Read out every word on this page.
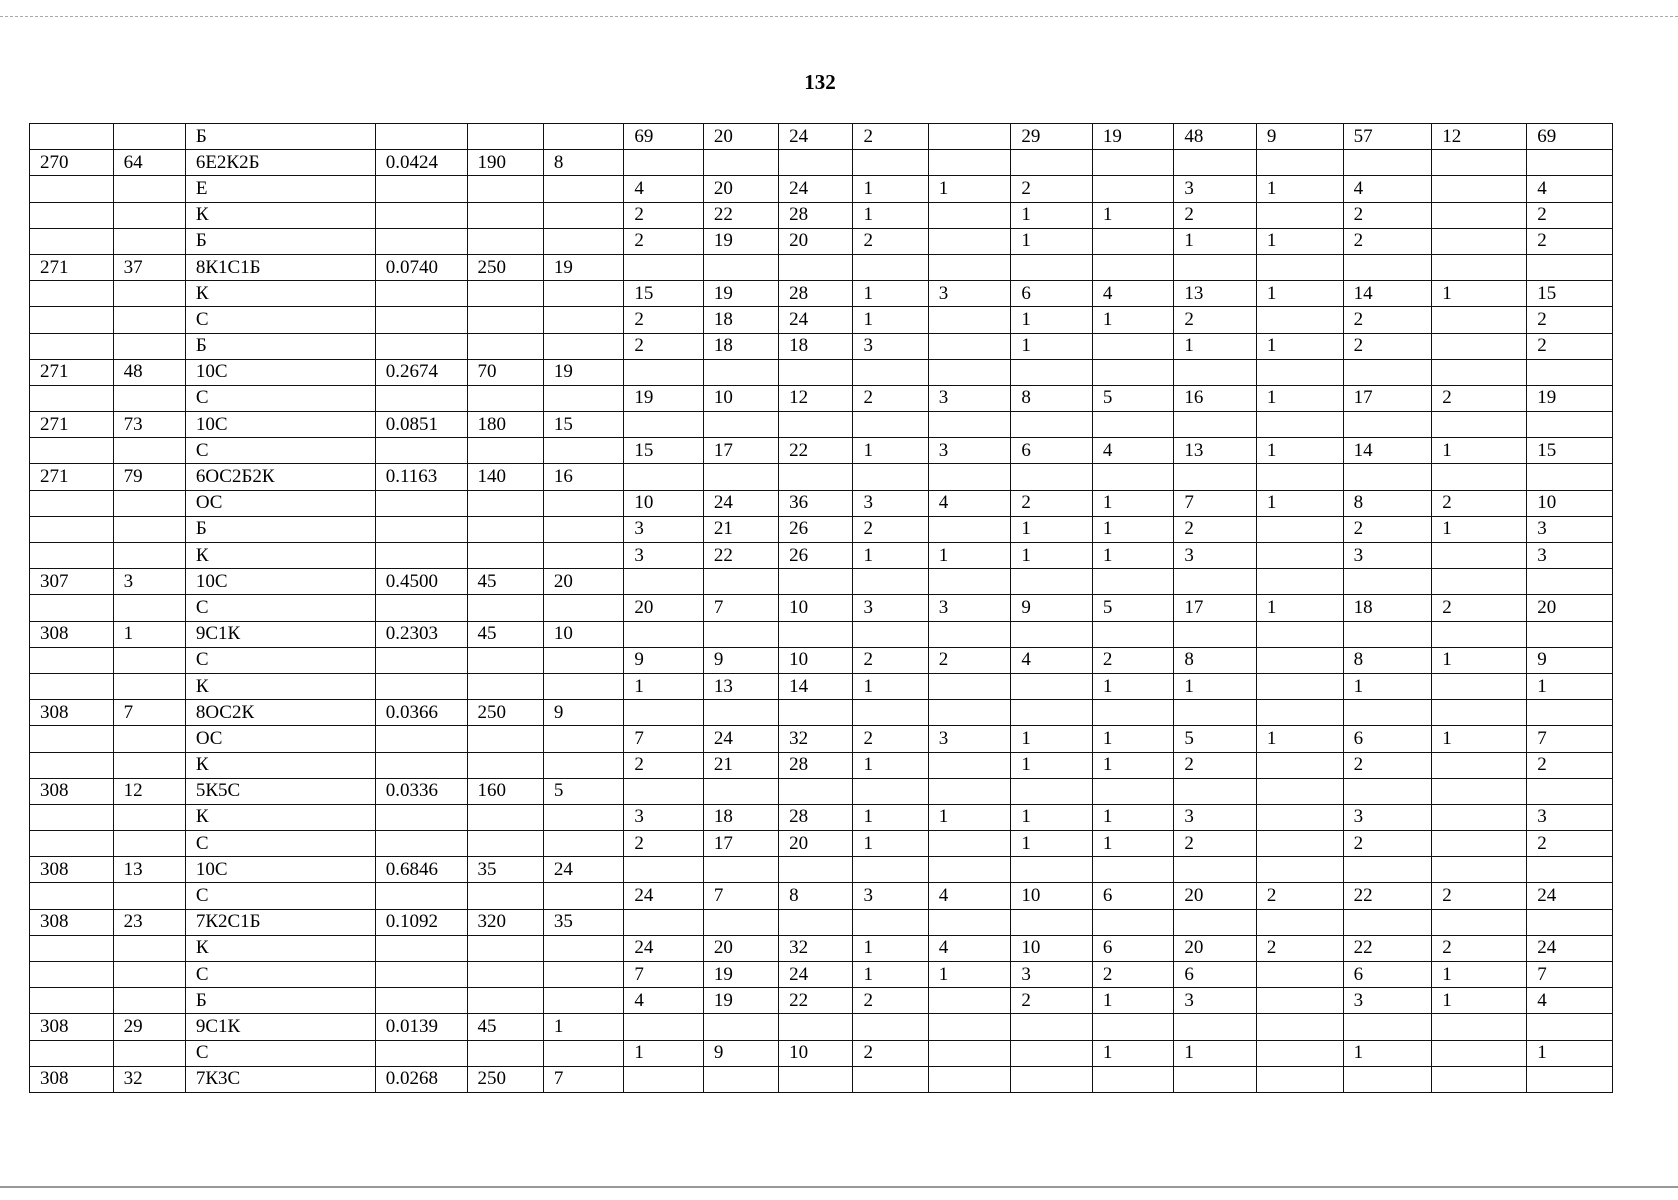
132
		Б				69	20	24	2		29	19	48	9	57	12	69
270	64	6Е2К2Б	0.0424	190	8												
		Е				4	20	24	1	1	2		3	1	4		4
		К				2	22	28	1		1	1	2		2		2
		Б				2	19	20	2		1		1	1	2		2
271	37	8К1С1Б	0.0740	250	19												
		К				15	19	28	1	3	6	4	13	1	14	1	15
		С				2	18	24	1		1	1	2		2		2
		Б				2	18	18	3		1		1	1	2		2
271	48	10С	0.2674	70	19												
		С				19	10	12	2	3	8	5	16	1	17	2	19
271	73	10С	0.0851	180	15												
		С				15	17	22	1	3	6	4	13	1	14	1	15
271	79	6ОС2Б2К	0.1163	140	16												
		ОС				10	24	36	3	4	2	1	7	1	8	2	10
		Б				3	21	26	2		1	1	2		2	1	3
		К				3	22	26	1	1	1	1	3		3		3
307	3	10С	0.4500	45	20												
		С				20	7	10	3	3	9	5	17	1	18	2	20
308	1	9С1К	0.2303	45	10												
		С				9	9	10	2	2	4	2	8		8	1	9
		К				1	13	14	1			1	1		1		1
308	7	8ОС2К	0.0366	250	9												
		ОС				7	24	32	2	3	1	1	5	1	6	1	7
		К				2	21	28	1		1	1	2		2		2
308	12	5К5С	0.0336	160	5												
		К				3	18	28	1	1	1	1	3		3		3
		С				2	17	20	1		1	1	2		2		2
308	13	10С	0.6846	35	24												
		С				24	7	8	3	4	10	6	20	2	22	2	24
308	23	7К2С1Б	0.1092	320	35												
		К				24	20	32	1	4	10	6	20	2	22	2	24
		С				7	19	24	1	1	3	2	6		6	1	7
		Б				4	19	22	2		2	1	3		3	1	4
308	29	9С1К	0.0139	45	1												
		С				1	9	10	2			1	1		1		1
308	32	7К3С	0.0268	250	7												
